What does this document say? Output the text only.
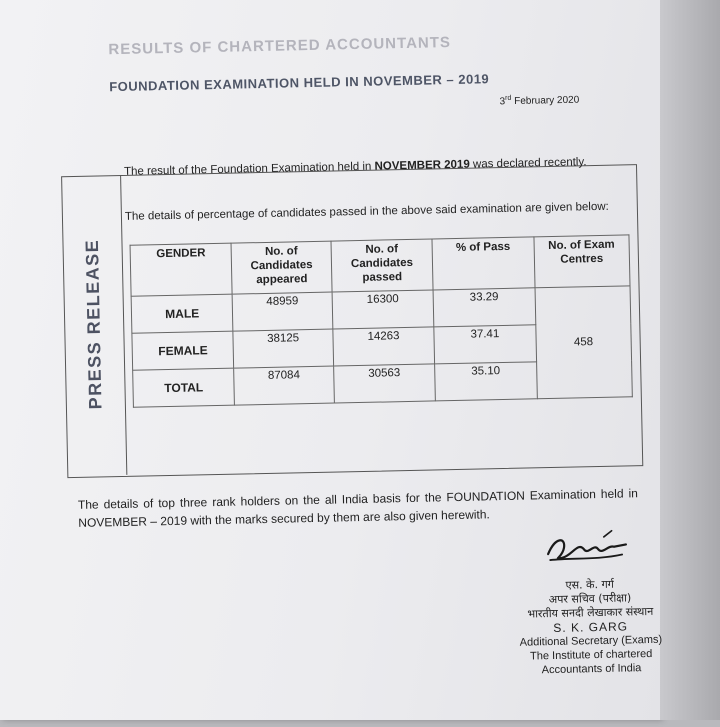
RESULTS OF CHARTERED ACCOUNTANTS
FOUNDATION EXAMINATION HELD IN NOVEMBER – 2019
3rd February 2020
PRESS RELEASE
The result of the Foundation Examination held in NOVEMBER 2019 was declared recently.
The details of percentage of candidates passed in the above said examination are given below:
GENDER	No. of Candidates appeared	No. of Candidates passed	% of Pass	No. of Exam Centres
MALE	48959	16300	33.29	458
FEMALE	38125	14263	37.41	
TOTAL	87084	30563	35.10	
The details of top three rank holders on the all India basis for the FOUNDATION Examination held in NOVEMBER – 2019 with the marks secured by them are also given herewith.
एस. के. गर्ग
अपर सचिव (परीक्षा)
भारतीय सनदी लेखाकार संस्थान
S. K. GARG
Additional Secretary (Exams)
The Institute of chartered
Accountants of India
